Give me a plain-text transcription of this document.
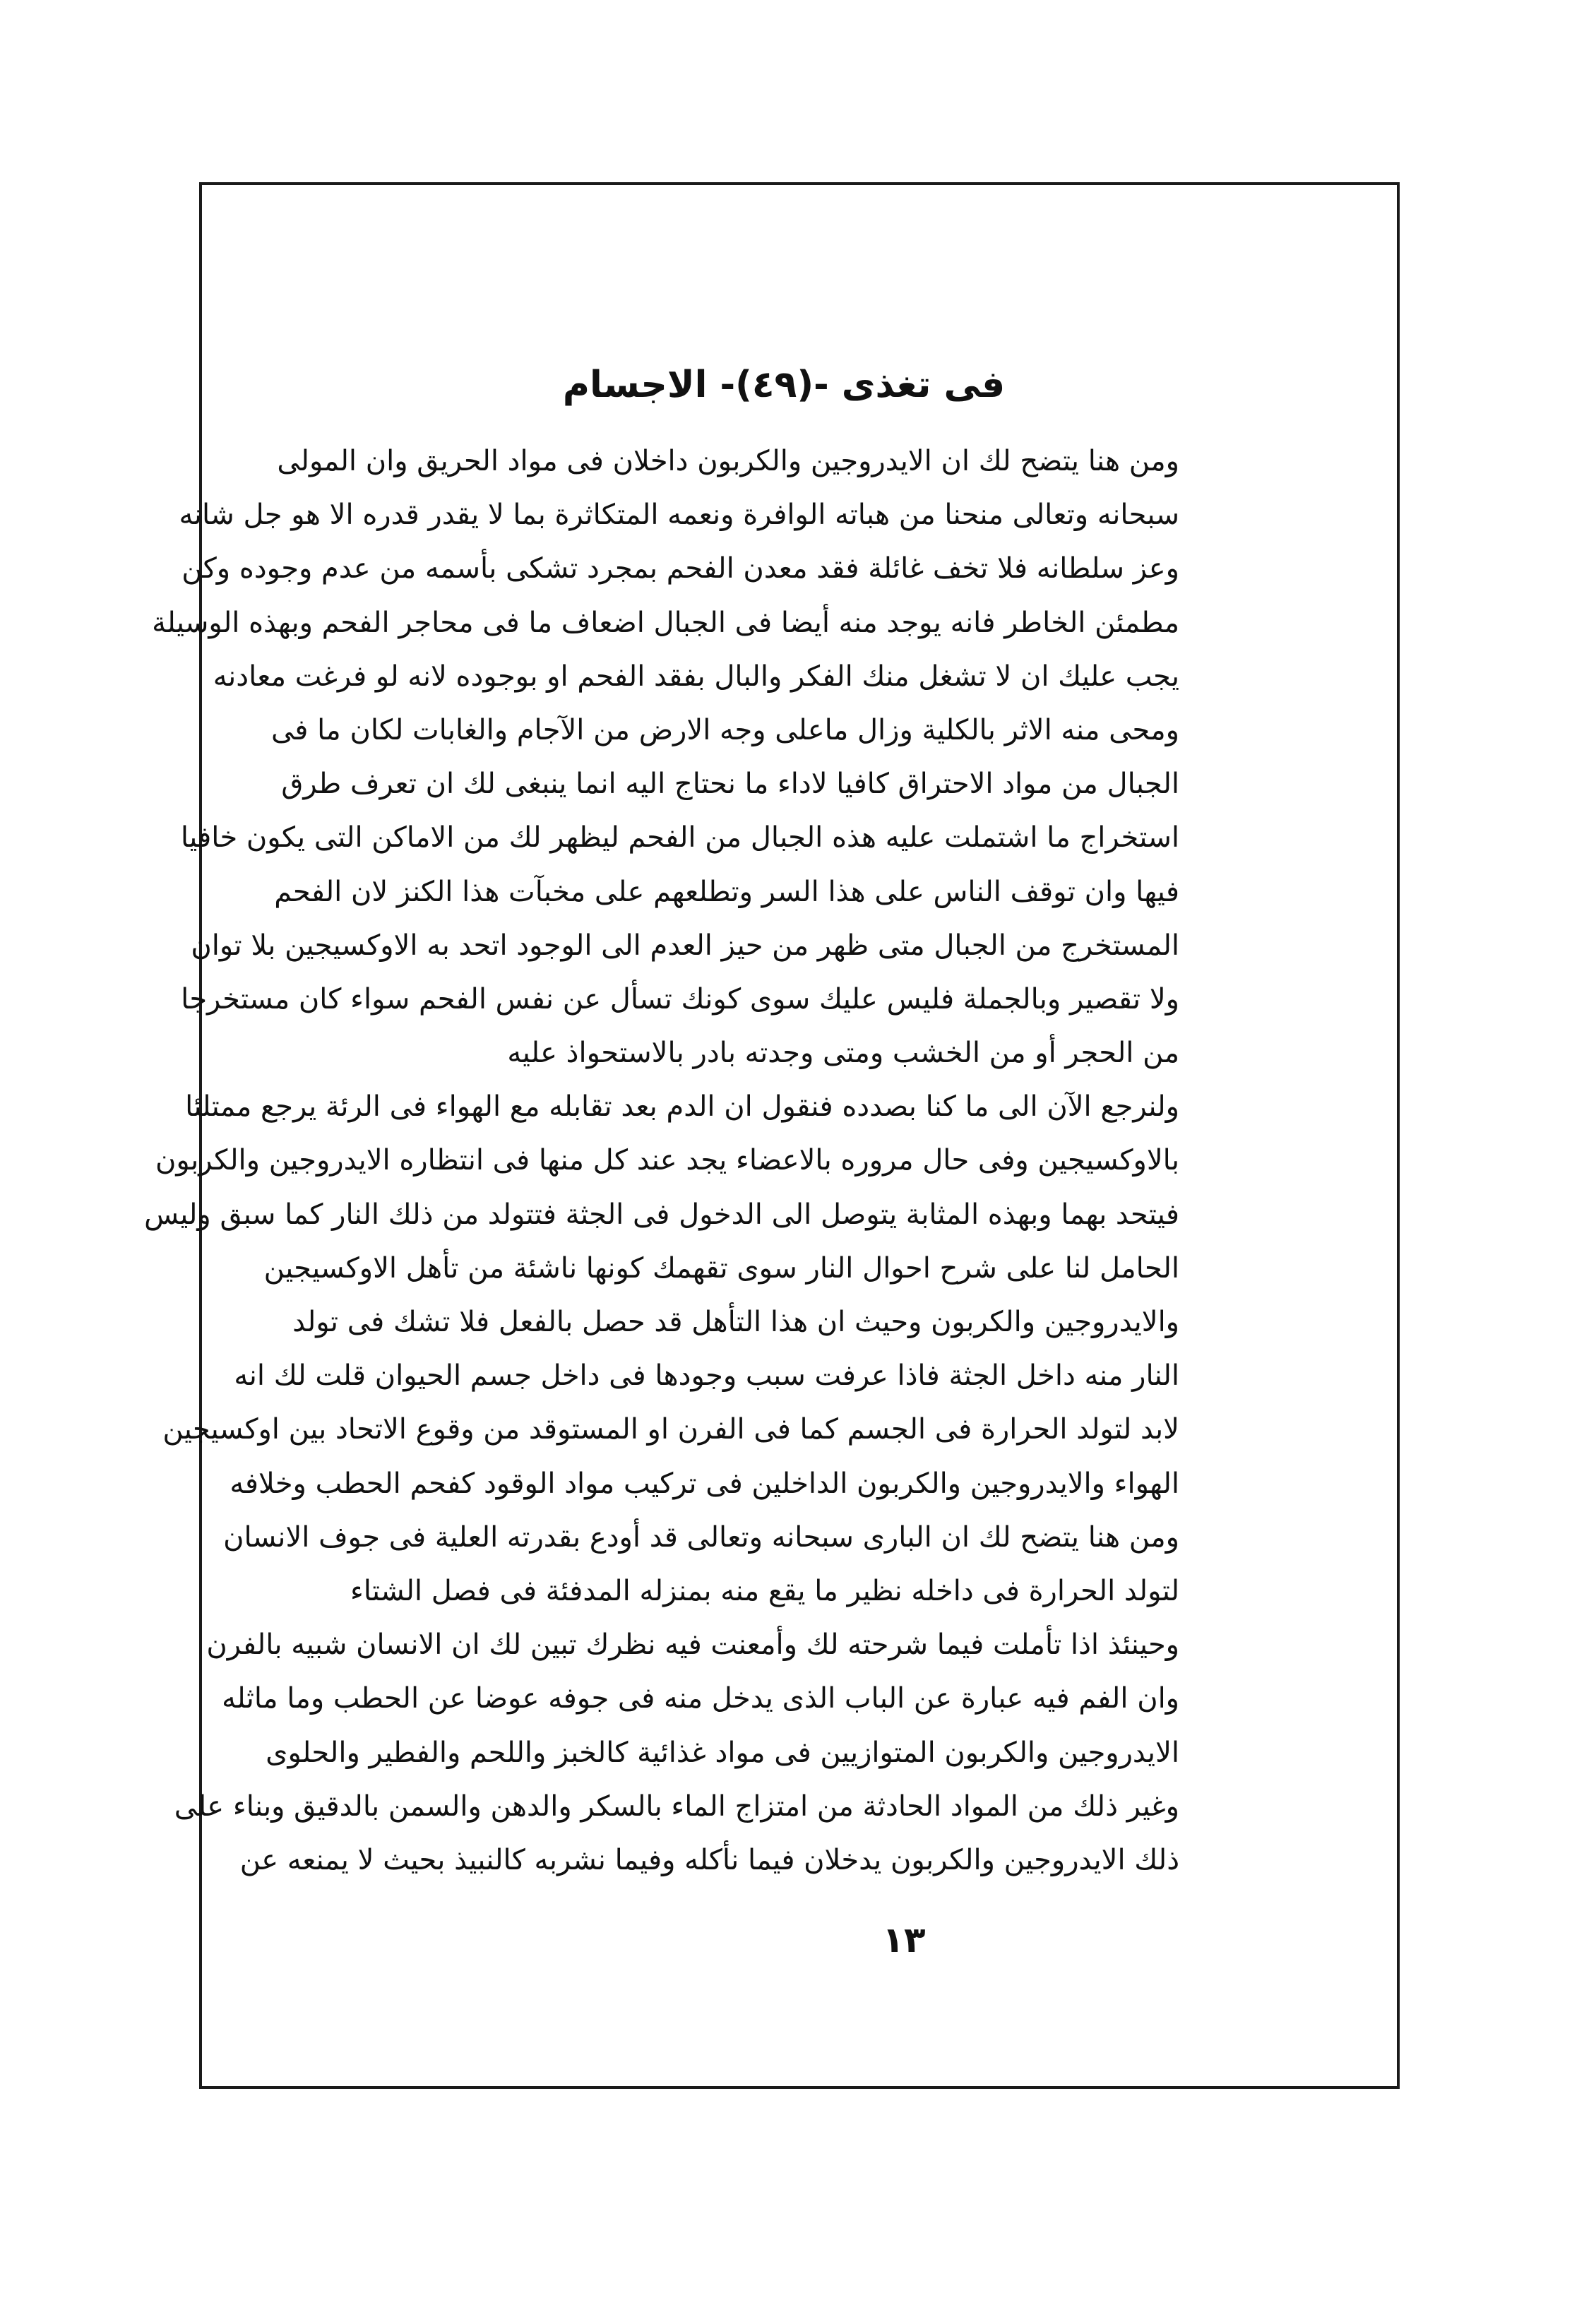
فى تغذى -(٤٩)- الاجسام
ومن هنا يتضح لك ان الايدروجين والكربون داخلان فى مواد الحريق وان المولى
سبحانه وتعالى منحنا من هباته الوافرة ونعمه المتكاثرة بما لا يقدر قدره الا هو جل شانه
وعز سلطانه فلا تخف غائلة فقد معدن الفحم بمجرد تشكى بأسمه من عدم وجوده وكن
مطمئن الخاطر فانه يوجد منه أيضا فى الجبال اضعاف ما فى محاجر الفحم وبهذه الوسيلة
يجب عليك ان لا تشغل منك الفكر والبال بفقد الفحم او بوجوده لانه لو فرغت معادنه
ومحى منه الاثر بالكلية وزال ماعلى وجه الارض من الآجام والغابات لكان ما فى
الجبال من مواد الاحتراق كافيا لاداء ما نحتاج اليه انما ينبغى لك ان تعرف طرق
استخراج ما اشتملت عليه هذه الجبال من الفحم ليظهر لك من الاماكن التى يكون خافيا
فيها وان توقف الناس على هذا السر وتطلعهم على مخبآت هذا الكنز لان الفحم
المستخرج من الجبال متى ظهر من حيز العدم الى الوجود اتحد به الاوكسيجين بلا توان
ولا تقصير وبالجملة فليس عليك سوى كونك تسأل عن نفس الفحم سواء كان مستخرجا
من الحجر أو من الخشب ومتى وجدته بادر بالاستحواذ عليه
ولنرجع الآن الى ما كنا بصدده فنقول ان الدم بعد تقابله مع الهواء فى الرئة يرجع ممتلئا
بالاوكسيجين وفى حال مروره بالاعضاء يجد عند كل منها فى انتظاره الايدروجين والكربون
فيتحد بهما وبهذه المثابة يتوصل الى الدخول فى الجثة فتتولد من ذلك النار كما سبق وليس
الحامل لنا على شرح احوال النار سوى تقهمك كونها ناشئة من تأهل الاوكسيجين
والايدروجين والكربون وحيث ان هذا التأهل قد حصل بالفعل فلا تشك فى تولد
النار منه داخل الجثة فاذا عرفت سبب وجودها فى داخل جسم الحيوان قلت لك انه
لابد لتولد الحرارة فى الجسم كما فى الفرن او المستوقد من وقوع الاتحاد بين اوكسيجين
الهواء والايدروجين والكربون الداخلين فى تركيب مواد الوقود كفحم الحطب وخلافه
ومن هنا يتضح لك ان البارى سبحانه وتعالى قد أودع بقدرته العلية فى جوف الانسان
لتولد الحرارة فى داخله نظير ما يقع منه بمنزله المدفئة فى فصل الشتاء
وحينئذ اذا تأملت فيما شرحته لك وأمعنت فيه نظرك تبين لك ان الانسان شبيه بالفرن
وان الفم فيه عبارة عن الباب الذى يدخل منه فى جوفه عوضا عن الحطب وما ماثله
الايدروجين والكربون المتوازيين فى مواد غذائية كالخبز واللحم والفطير والحلوى
وغير ذلك من المواد الحادثة من امتزاج الماء بالسكر والدهن والسمن بالدقيق وبناء على
ذلك الايدروجين والكربون يدخلان فيما نأكله وفيما نشربه كالنبيذ بحيث لا يمنعه عن
١٣
